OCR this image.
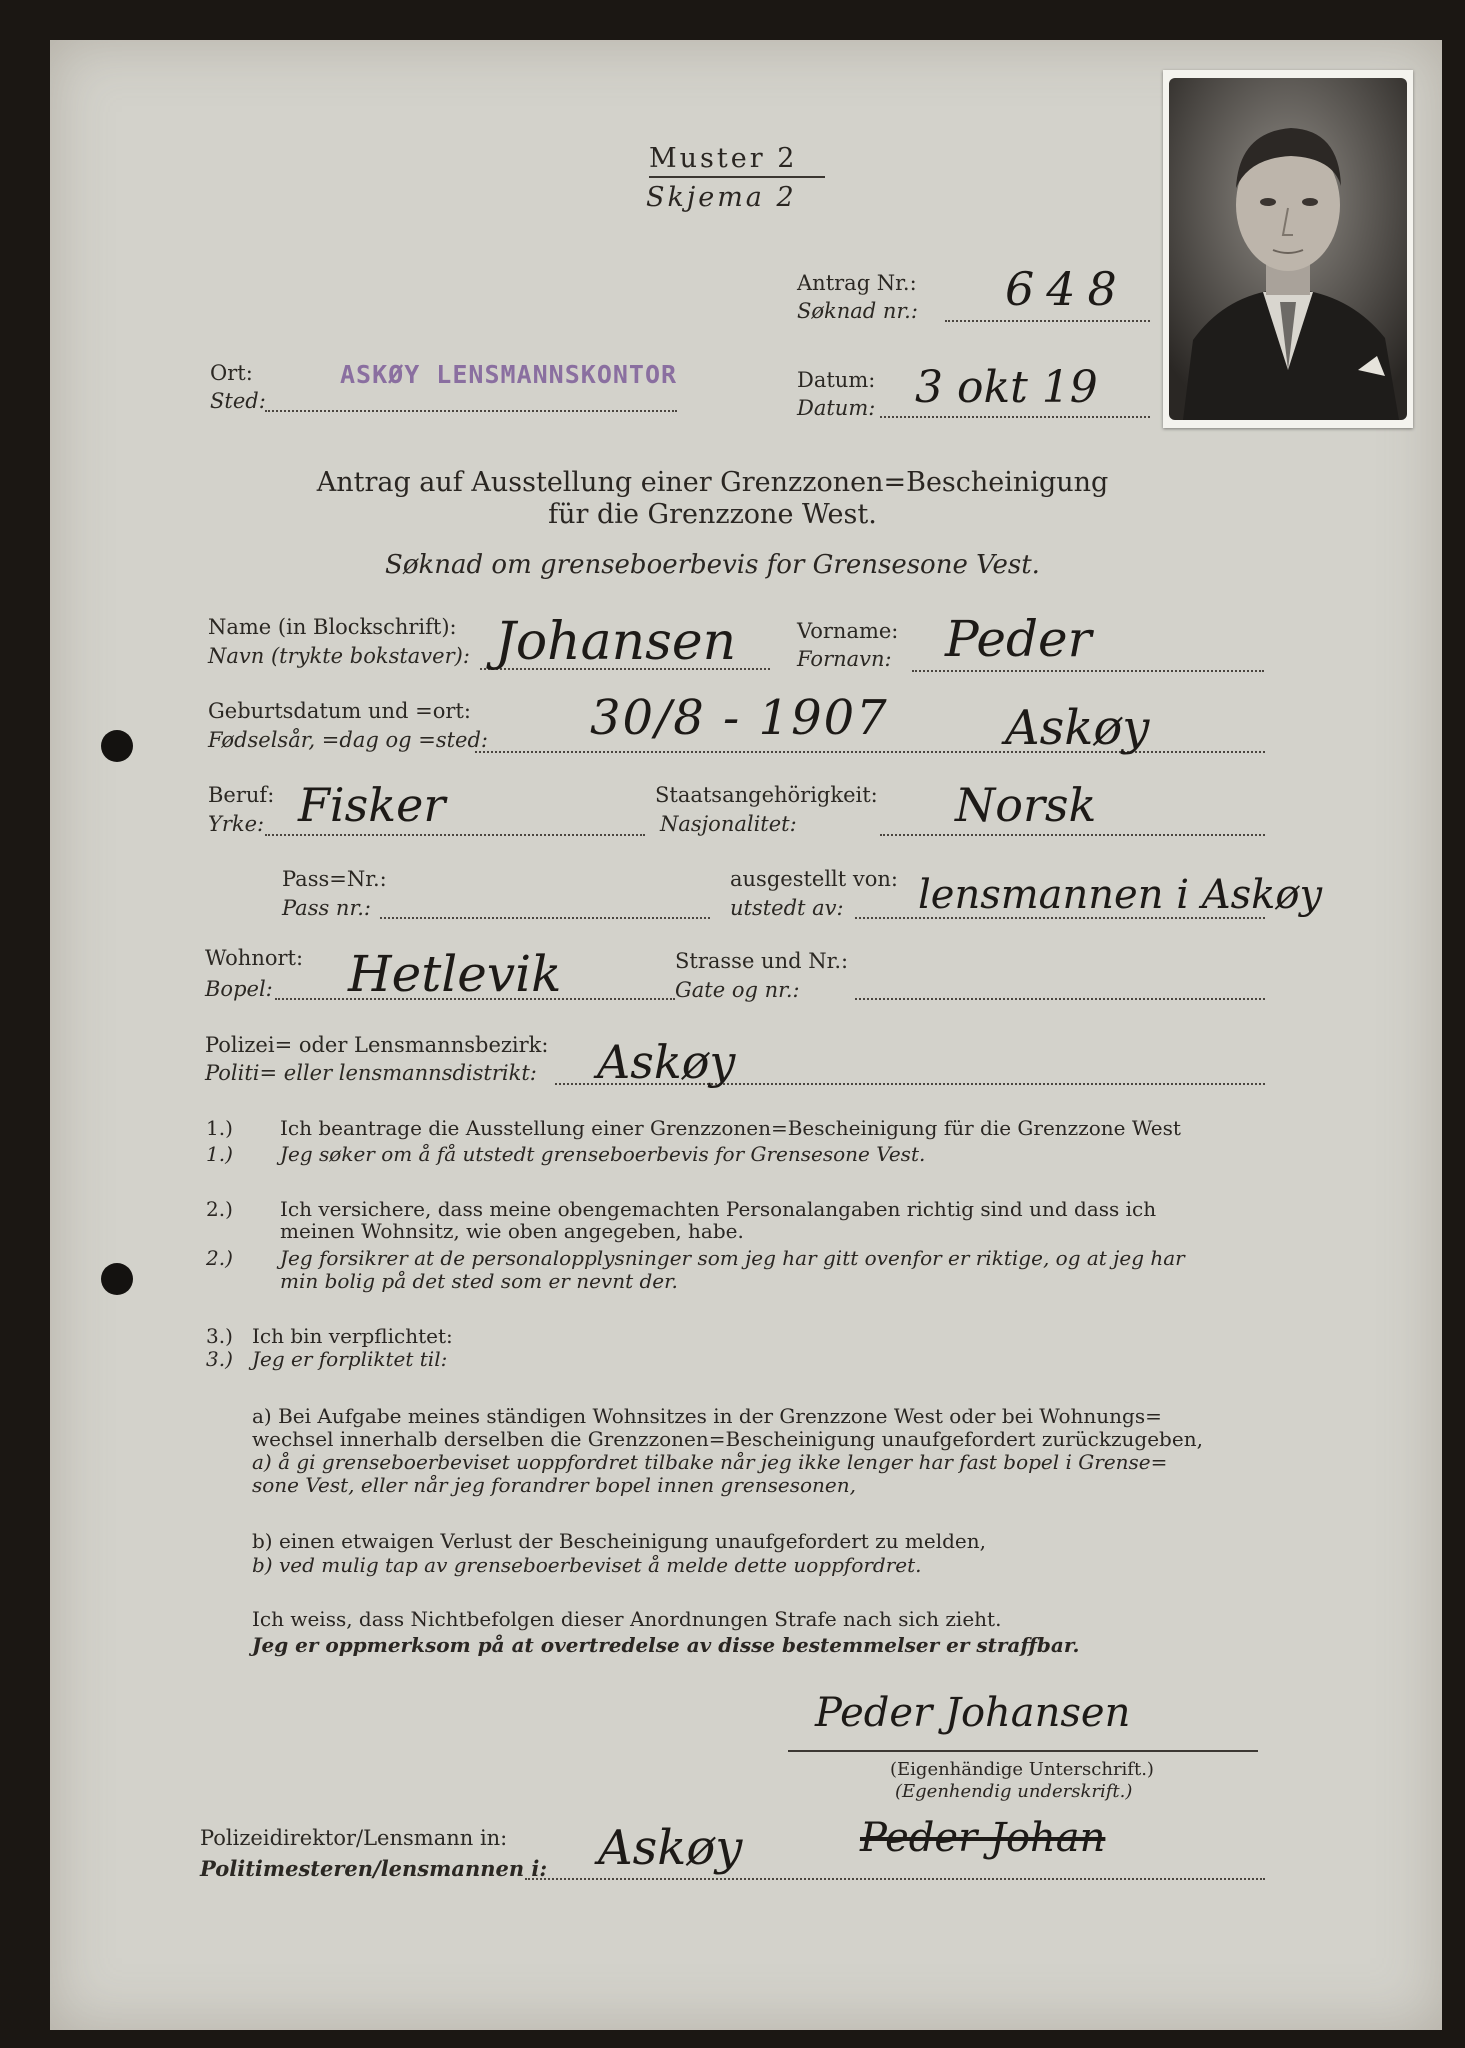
Muster 2
Skjema 2
Antrag Nr.:
Søknad nr.: 648
Ort:
Sted:
ASKØY LENSMANNSKONTOR	Datum:
Datum: 3 okt 19
Antrag auf Ausstellung einer Grenzzonen=Bescheinigung
für die Grenzzone West.
Søknad om grenseboerbevis for Grensesone Vest.
Name (in Blockschrift):
Navn (trykte bokstaver): Johansen	Vorname:
Fornavn: Peder
Geburtsdatum und =ort:
Fødselsår, =dag og =sted: 30/8 - 1907 Askøy
Beruf:
Yrke: Fisker	Staatsangehörigkeit:
Nasjonalitet:	Norsk
Pass=Nr.:
Pass nr.:
ausgestellt von:
utstedt av: lensmannen i Askøy
Wohnort:
Bopel: Hetlevik	Strasse und Nr.:
Gate og nr.:
Polizei= oder Lensmannsbezirk:
Politi= eller lensmannsdistrikt: Askøy
1.) Ich beantrage die Ausstellung einer Grenzzonen=Bescheinigung für die Grenzzone West
1.) Jeg søker om å få utstedt grenseboerbevis for Grensesone Vest.
2.) Ich versichere, dass meine obengemachten Personalangaben richtig sind und dass ich
meinen Wohnsitz, wie oben angegeben, habe.
2.) Jeg forsikrer at de personalopplysninger som jeg har gitt ovenfor er riktige, og at jeg har
min bolig på det sted som er nevnt der.
3.) Ich bin verpflichtet:
3.) Jeg er forpliktet til:
a) Bei Aufgabe meines ständigen Wohnsitzes in der Grenzzone West oder bei Wohnungs=
wechsel innerhalb derselben die Grenzzonen=Bescheinigung unaufgefordert zurückzugeben,
a) å gi grenseboerbeviset uoppfordret tilbake når jeg ikke lenger har fast bopel i Grense=
sone Vest, eller når jeg forandrer bopel innen grensesonen,
b) einen etwaigen Verlust der Bescheinigung unaufgefordert zu melden,
b) ved mulig tap av grenseboerbeviset å melde dette uoppfordret.
Ich weiss, dass Nichtbefolgen dieser Anordnungen Strafe nach sich zieht.
Jeg er oppmerksom på at overtredelse av disse bestemmelser er straffbar.
Peder Johansen
(Eigenhändige Unterschrift.)
(Egenhendig underskrift.)
Polizeidirektor/Lensmann in:
Politimesteren/lensmannen i: Askøy	Peder Johan
